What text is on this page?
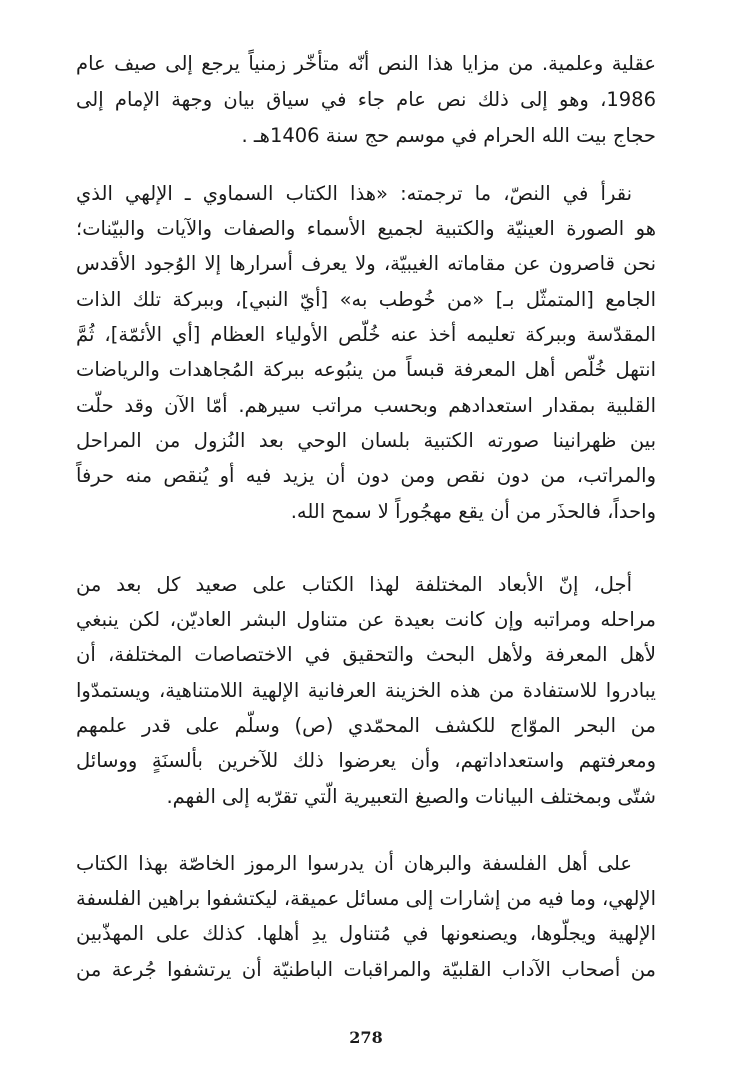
عقلية وعلمية. من مزايا هذا النص أنّه متأخّر زمنياً يرجع إلى صيف عام
1986، وهو إلى ذلك نص عام جاء في سياق بيان وجهة الإمام إلى
حجاج بيت الله الحرام في موسم حج سنة 1406هـ .
نقرأ في النصّ، ما ترجمته: «هذا الكتاب السماوي ـ الإلهي الذي
هو الصورة العينيّة والكتبية لجميع الأسماء والصفات والآيات والبيّنات؛
نحن قاصرون عن مقاماته الغيبيّة، ولا يعرف أسرارها إلا الوُجود الأقدس
الجامع [المتمثّل بـ] «من خُوطب به» [أيّ النبي]، وببركة تلك الذات
المقدّسة وببركة تعليمه أخذ عنه خُلّص الأولياء العظام [أي الأئمّة]، ثُمَّ
انتهل خُلّص أهل المعرفة قبساً من ينبُوعه ببركة المُجاهدات والرياضات
القلبية بمقدار استعدادهم وبحسب مراتب سيرهم. أمّا الآن وقد حلّت
بين ظهرانينا صورته الكتبية بلسان الوحي بعد النُزول من المراحل
والمراتب، من دون نقص ومن دون أن يزيد فيه أو يُنقص منه حرفاً
واحداً، فالحذَر من أن يقع مهجُوراً لا سمح الله.
أجل، إنّ الأبعاد المختلفة لهذا الكتاب على صعيد كل بعد من
مراحله ومراتبه وإن كانت بعيدة عن متناول البشر العاديّن، لكن ينبغي
لأهل المعرفة ولأهل البحث والتحقيق في الاختصاصات المختلفة، أن
يبادروا للاستفادة من هذه الخزينة العرفانية الإلهية اللامتناهية، ويستمدّوا
من البحر الموّاج للكشف المحمّدي (ص) وسلّم على قدر علمهم
ومعرفتهم واستعداداتهم، وأن يعرضوا ذلك للآخرين بألسنَةٍ ووسائل
شتّى وبمختلف البيانات والصيغ التعبيرية الّتي تقرّبه إلى الفهم.
على أهل الفلسفة والبرهان أن يدرسوا الرموز الخاصّة بهذا الكتاب
الإلهي، وما فيه من إشارات إلى مسائل عميقة، ليكتشفوا براهين الفلسفة
الإلهية ويجلّوها، ويصنعونها في مُتناول يدِ أهلها. كذلك على المهذّبين
من أصحاب الآداب القلبيّة والمراقبات الباطنيّة أن يرتشفوا جُرعة من
278
